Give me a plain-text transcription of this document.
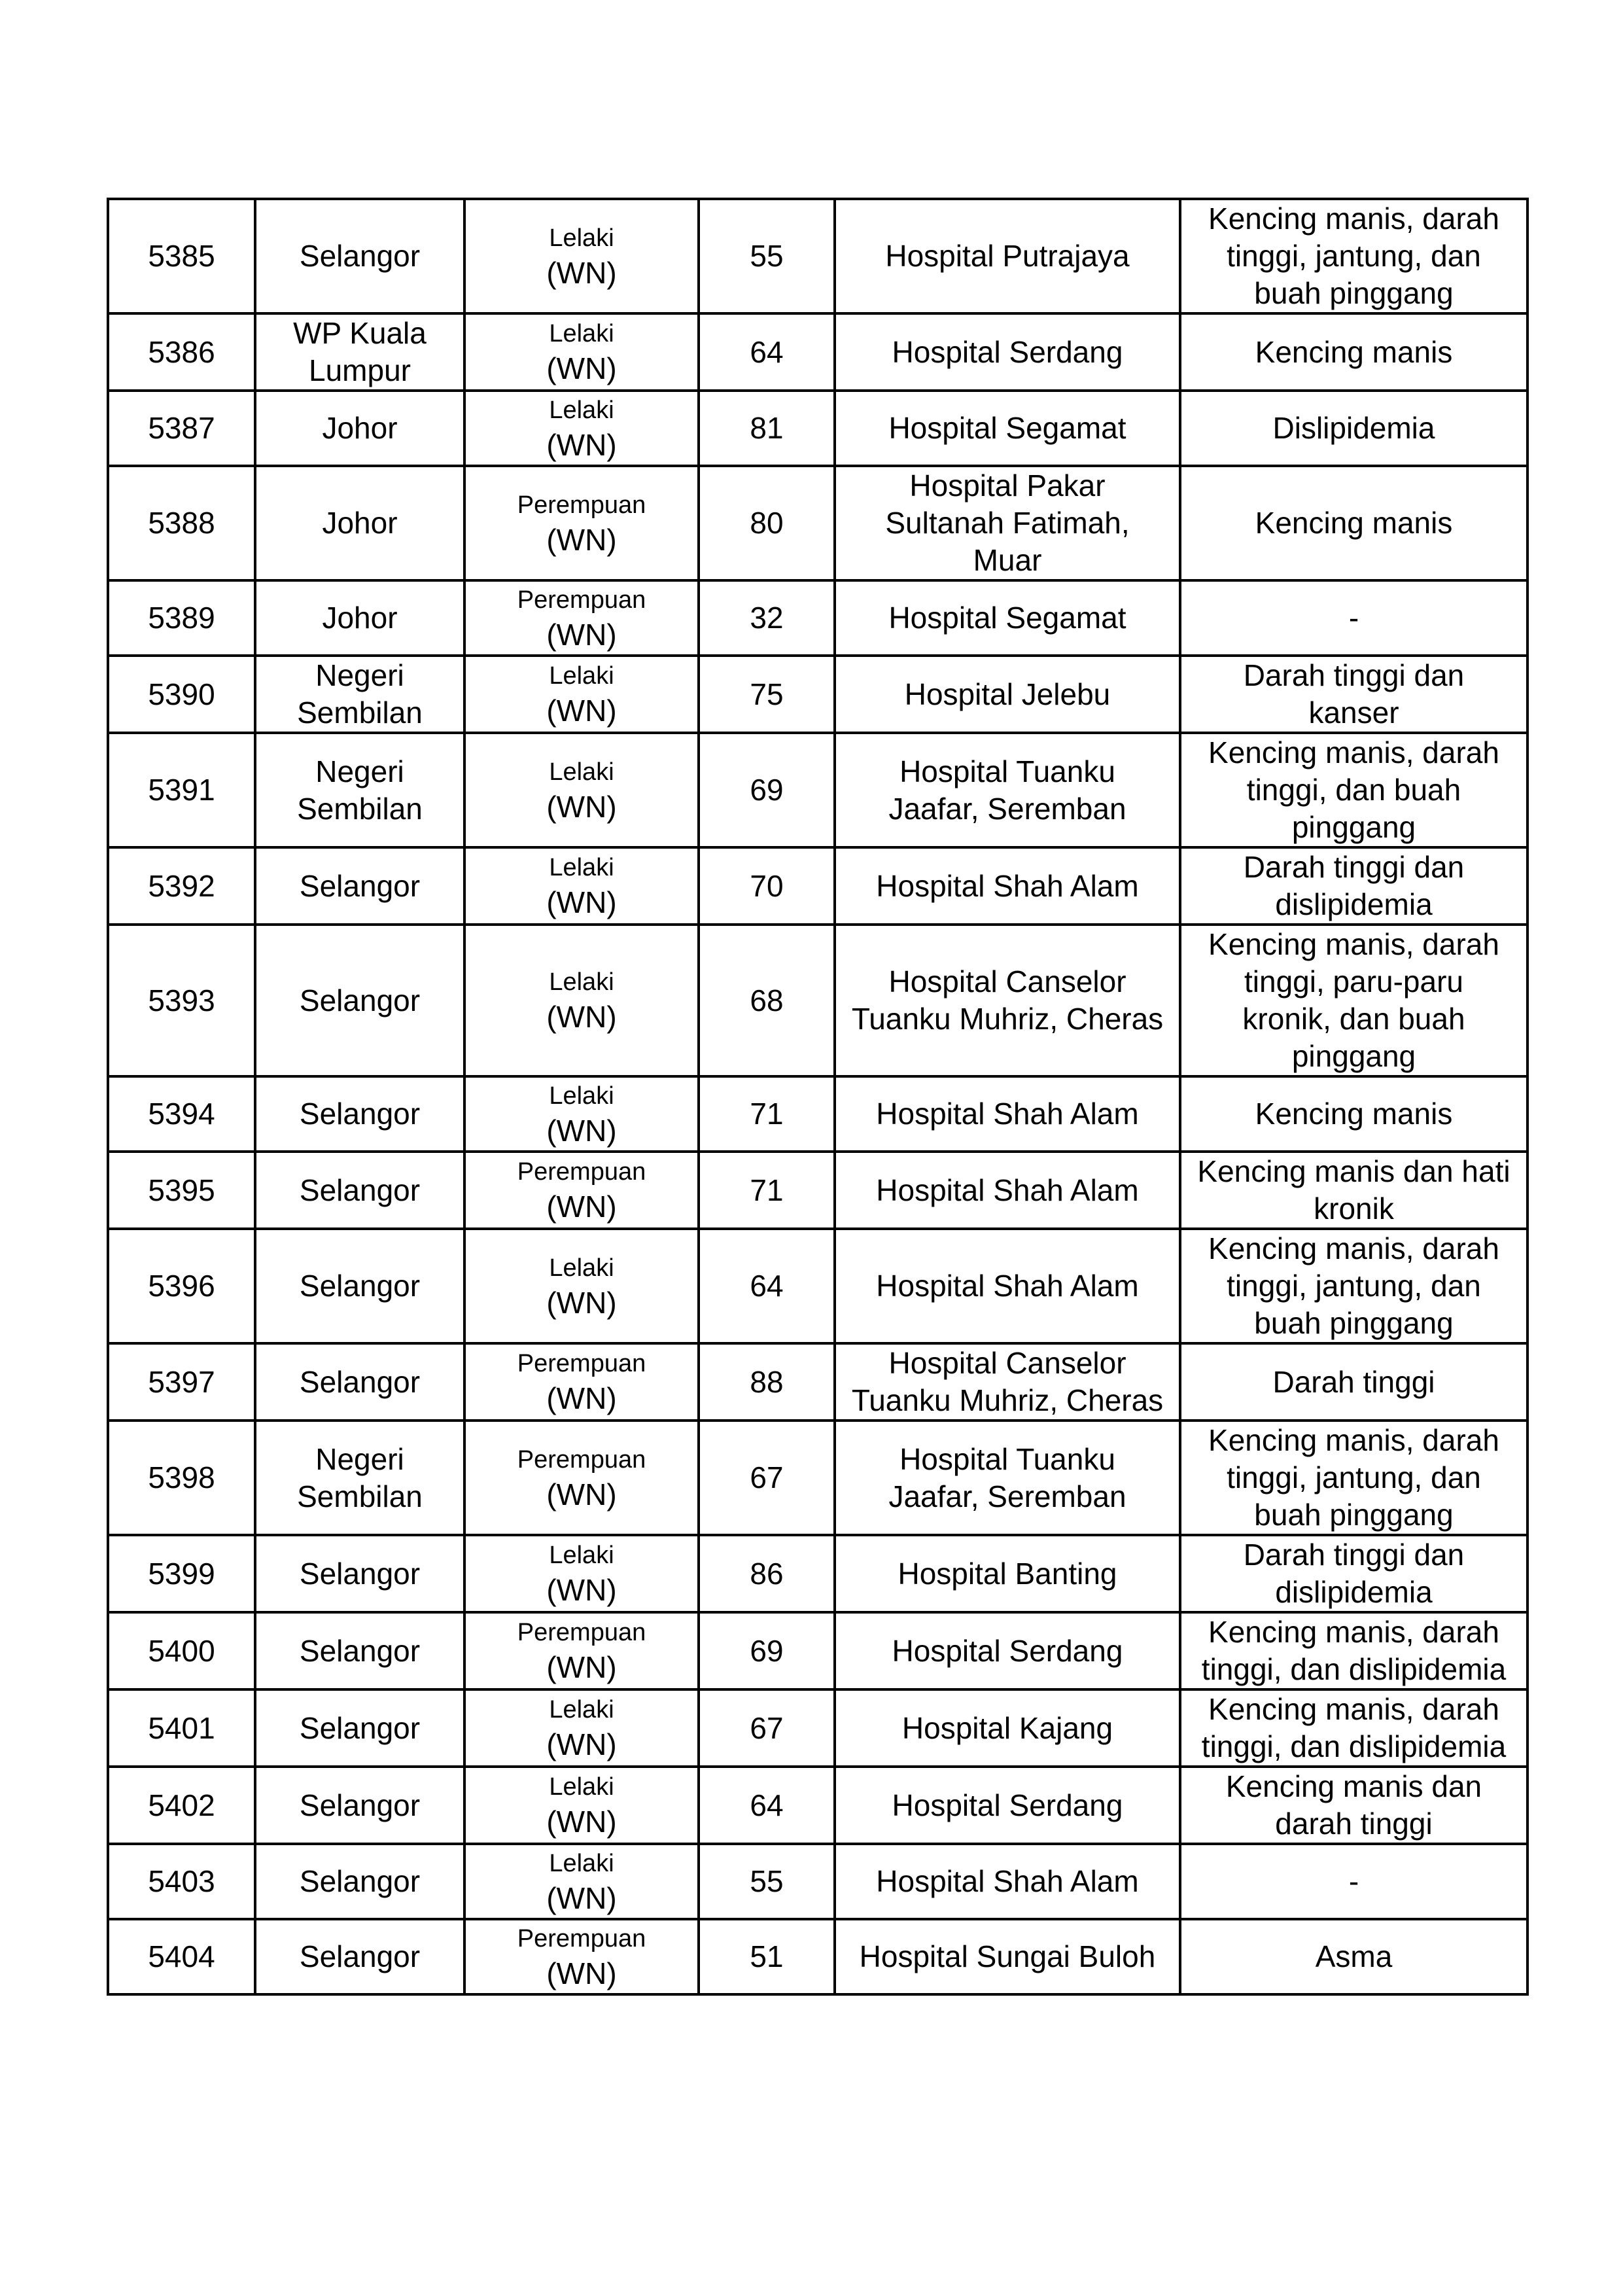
5385	Selangor	Lelaki
(WN)	55	Hospital Putrajaya	Kencing manis, darah
tinggi, jantung, dan
buah pinggang

5386	WP Kuala
Lumpur	Lelaki
(WN)	64	Hospital Serdang	Kencing manis

5387	Johor	Lelaki
(WN)	81	Hospital Segamat	Dislipidemia

5388	Johor	Perempuan
(WN)	80	Hospital Pakar
Sultanah Fatimah,
Muar	Kencing manis

5389	Johor	Perempuan
(WN)	32	Hospital Segamat	-

5390	Negeri
Sembilan	Lelaki
(WN)	75	Hospital Jelebu	Darah tinggi dan
kanser

5391	Negeri
Sembilan	Lelaki
(WN)	69	Hospital Tuanku
Jaafar, Seremban	Kencing manis, darah
tinggi, dan buah
pinggang

5392	Selangor	Lelaki
(WN)	70	Hospital Shah Alam	Darah tinggi dan
dislipidemia

5393	Selangor	Lelaki
(WN)	68	Hospital Canselor
Tuanku Muhriz, Cheras	Kencing manis, darah
tinggi, paru-paru
kronik, dan buah
pinggang

5394	Selangor	Lelaki
(WN)	71	Hospital Shah Alam	Kencing manis

5395	Selangor	Perempuan
(WN)	71	Hospital Shah Alam	Kencing manis dan hati
kronik

5396	Selangor	Lelaki
(WN)	64	Hospital Shah Alam	Kencing manis, darah
tinggi, jantung, dan
buah pinggang

5397	Selangor	Perempuan
(WN)	88	Hospital Canselor
Tuanku Muhriz, Cheras	Darah tinggi

5398	Negeri
Sembilan	Perempuan
(WN)	67	Hospital Tuanku
Jaafar, Seremban	Kencing manis, darah
tinggi, jantung, dan
buah pinggang

5399	Selangor	Lelaki
(WN)	86	Hospital Banting	Darah tinggi dan
dislipidemia

5400	Selangor	Perempuan
(WN)	69	Hospital Serdang	Kencing manis, darah
tinggi, dan dislipidemia

5401	Selangor	Lelaki
(WN)	67	Hospital Kajang	Kencing manis, darah
tinggi, dan dislipidemia

5402	Selangor	Lelaki
(WN)	64	Hospital Serdang	Kencing manis dan
darah tinggi

5403	Selangor	Lelaki
(WN)	55	Hospital Shah Alam	-

5404	Selangor	Perempuan
(WN)	51	Hospital Sungai Buloh	Asma
